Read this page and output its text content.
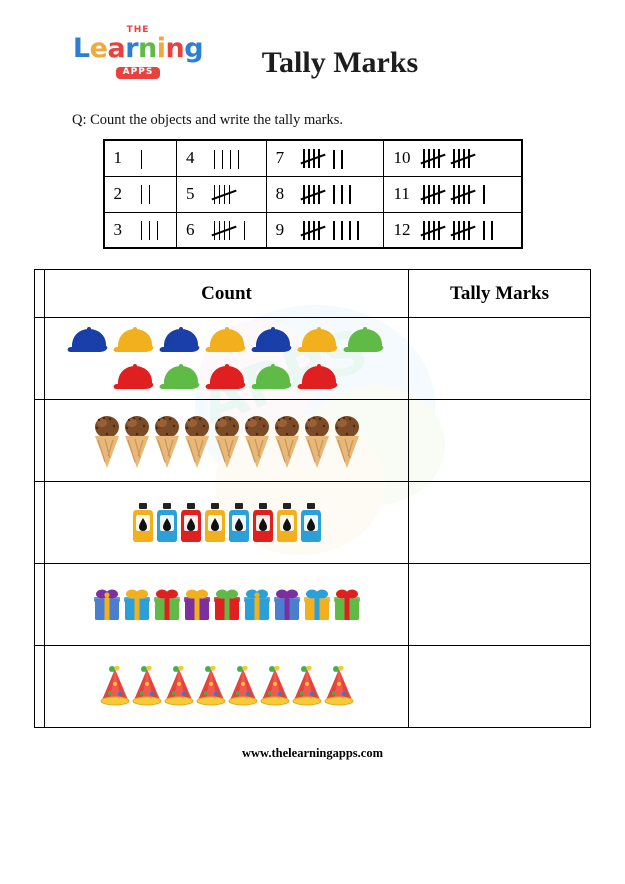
APPS
THE
Learning
APPS	Tally Marks
Q: Count the objects and write the tally marks.
1		4		7		10	

2		5		8		11	

3		6		9		12	
	Count	Tally Marks

www.thelearningapps.com
